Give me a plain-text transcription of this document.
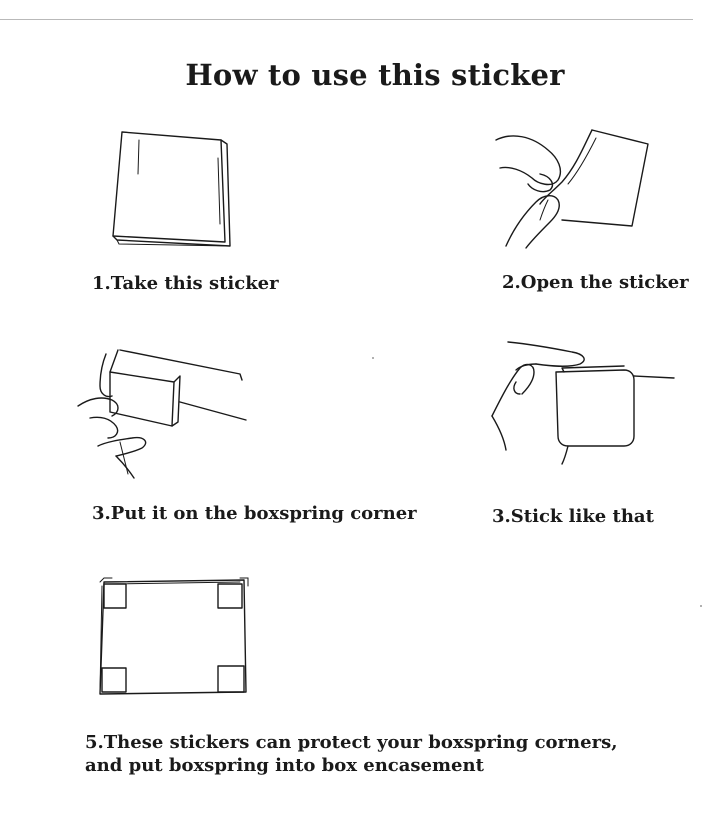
How to use this sticker
1.Take this sticker	2.Open the sticker
3.Put it on the boxspring corner	3.Stick like that
5.These stickers can protect your boxspring corners,
and put boxspring into box encasement
